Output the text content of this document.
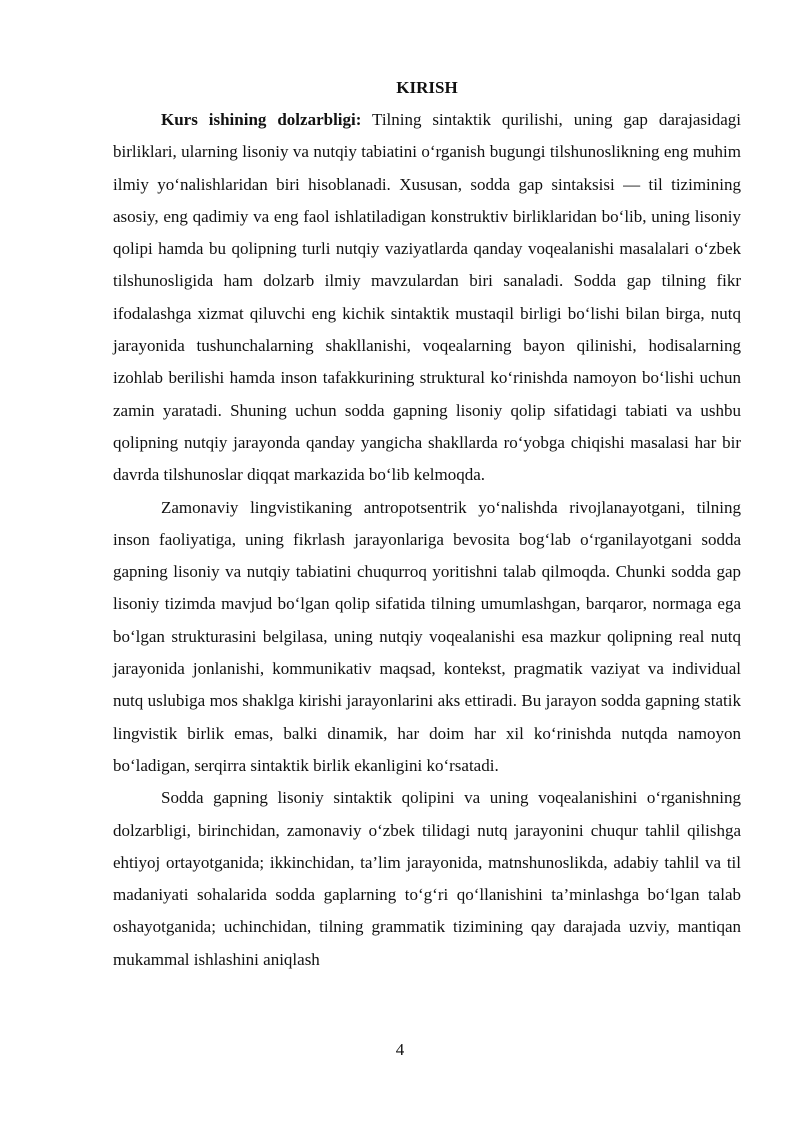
KIRISH

Kurs ishining dolzarbligi: Tilning sintaktik qurilishi, uning gap darajasidagi birliklari, ularning lisoniy va nutqiy tabiatini o‘rganish bugungi tilshunoslikning eng muhim ilmiy yo‘nalishlaridan biri hisoblanadi. Xususan, sodda gap sintaksisi — til tizimining asosiy, eng qadimiy va eng faol ishlatiladigan konstruktiv birliklaridan bo‘lib, uning lisoniy qolipi hamda bu qolipning turli nutqiy vaziyatlarda qanday voqealanishi masalalari o‘zbek tilshunosligida ham dolzarb ilmiy mavzulardan biri sanaladi. Sodda gap tilning fikr ifodalashga xizmat qiluvchi eng kichik sintaktik mustaqil birligi bo‘lishi bilan birga, nutq jarayonida tushunchalarning shakllanishi, voqealarning bayon qilinishi, hodisalarning izohlab berilishi hamda inson tafakkurining struktural ko‘rinishda namoyon bo‘lishi uchun zamin yaratadi. Shuning uchun sodda gapning lisoniy qolip sifatidagi tabiati va ushbu qolipning nutqiy jarayonda qanday yangicha shakllarda ro‘yobga chiqishi masalasi har bir davrda tilshunoslar diqqat markazida bo‘lib kelmoqda.

Zamonaviy lingvistikaning antropotsentrik yo‘nalishda rivojlanayotgani, tilning inson faoliyatiga, uning fikrlash jarayonlariga bevosita bog‘lab o‘rganilayotgani sodda gapning lisoniy va nutqiy tabiatini chuqurroq yoritishni talab qilmoqda. Chunki sodda gap lisoniy tizimda mavjud bo‘lgan qolip sifatida tilning umumlashgan, barqaror, normaga ega bo‘lgan strukturasini belgilasa, uning nutqiy voqealanishi esa mazkur qolipning real nutq jarayonida jonlanishi, kommunikativ maqsad, kontekst, pragmatik vaziyat va individual nutq uslubiga mos shaklga kirishi jarayonlarini aks ettiradi. Bu jarayon sodda gapning statik lingvistik birlik emas, balki dinamik, har doim har xil ko‘rinishda nutqda namoyon bo‘ladigan, serqirra sintaktik birlik ekanligini ko‘rsatadi.

Sodda gapning lisoniy sintaktik qolipini va uning voqealanishini o‘rganishning dolzarbligi, birinchidan, zamonaviy o‘zbek tilidagi nutq jarayonini chuqur tahlil qilishga ehtiyoj ortayotganida; ikkinchidan, ta’lim jarayonida, matnshunoslikda, adabiy tahlil va til madaniyati sohalarida sodda gaplarning to‘g‘ri qo‘llanishini ta’minlashga bo‘lgan talab oshayotganida; uchinchidan, tilning grammatik tizimining qay darajada uzviy, mantiqan mukammal ishlashini aniqlash

4
